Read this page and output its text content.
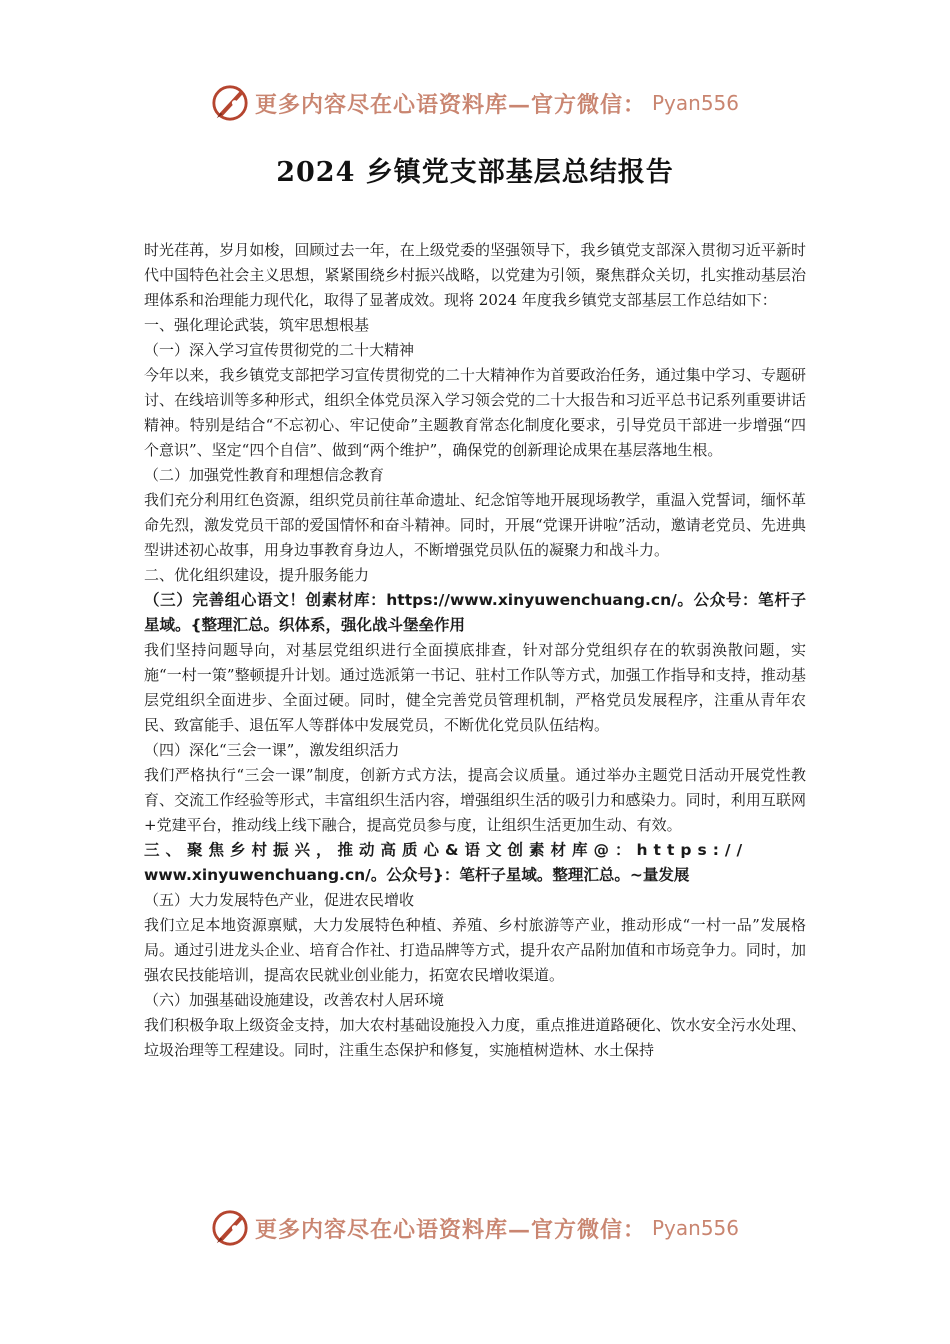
更多内容尽在心语资料库—官方微信： Pyan556
2024 乡镇党支部基层总结报告

时光荏苒，岁月如梭，回顾过去一年，在上级党委的坚强领导下，我乡镇党支部深入贯彻习近平新时代中国特色社会主义思想，紧紧围绕乡村振兴战略，以党建为引领，聚焦群众关切，扎实推动基层治理体系和治理能力现代化，取得了显著成效。现将 2024 年度我乡镇党支部基层工作总结如下：

一、强化理论武装，筑牢思想根基

（一）深入学习宣传贯彻党的二十大精神

今年以来，我乡镇党支部把学习宣传贯彻党的二十大精神作为首要政治任务，通过集中学习、专题研讨、在线培训等多种形式，组织全体党员深入学习领会党的二十大报告和习近平总书记系列重要讲话精神。特别是结合“不忘初心、牢记使命”主题教育常态化制度化要求，引导党员干部进一步增强“四个意识”、坚定“四个自信”、做到“两个维护”，确保党的创新理论成果在基层落地生根。

（二）加强党性教育和理想信念教育

我们充分利用红色资源，组织党员前往革命遗址、纪念馆等地开展现场教学，重温入党誓词，缅怀革命先烈，激发党员干部的爱国情怀和奋斗精神。同时，开展“党课开讲啦”活动，邀请老党员、先进典型讲述初心故事，用身边事教育身边人，不断增强党员队伍的凝聚力和战斗力。

二、优化组织建设，提升服务能力

（三）完善组心语文！创素材库：https://www.xinyuwenchuang.cn/。公众号：笔杆子星域。{整理汇总。织体系，强化战斗堡垒作用

我们坚持问题导向，对基层党组织进行全面摸底排查，针对部分党组织存在的软弱涣散问题，实施“一村一策”整顿提升计划。通过选派第一书记、驻村工作队等方式，加强工作指导和支持，推动基层党组织全面进步、全面过硬。同时，健全完善党员管理机制，严格党员发展程序，注重从青年农民、致富能手、退伍军人等群体中发展党员，不断优化党员队伍结构。

（四）深化“三会一课”，激发组织活力

我们严格执行“三会一课”制度，创新方式方法，提高会议质量。通过举办主题党日活动开展党性教育、交流工作经验等形式，丰富组织生活内容，增强组织生活的吸引力和感染力。同时，利用互联网+党建平台，推动线上线下融合，提高党员参与度，让组织生活更加生动、有效。

三、聚焦乡村振兴，推动高质心&语文创素材库@：https://

www.xinyuwenchuang.cn/。公众号}：笔杆子星域。整理汇总。~量发展

（五）大力发展特色产业，促进农民增收

我们立足本地资源禀赋，大力发展特色种植、养殖、乡村旅游等产业，推动形成“一村一品”发展格局。通过引进龙头企业、培育合作社、打造品牌等方式，提升农产品附加值和市场竞争力。同时，加强农民技能培训，提高农民就业创业能力，拓宽农民增收渠道。

（六）加强基础设施建设，改善农村人居环境

我们积极争取上级资金支持，加大农村基础设施投入力度，重点推进道路硬化、饮水安全污水处理、垃圾治理等工程建设。同时，注重生态保护和修复，实施植树造林、水土保持

更多内容尽在心语资料库—官方微信： Pyan556
